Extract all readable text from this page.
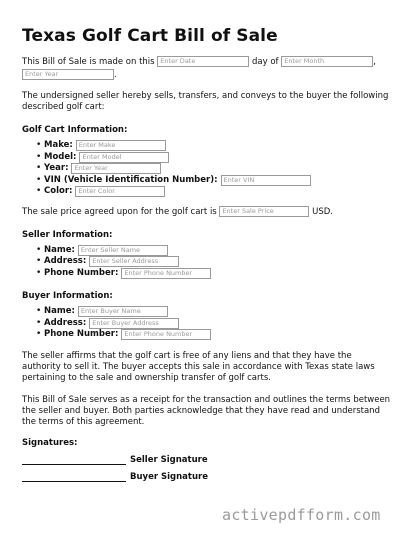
Texas Golf Cart Bill of Sale

This Bill of Sale is made on this Enter Date	day of Enter Month	,

Enter Year	.

The undersigned seller hereby sells, transfers, and conveys to the buyer the following described golf cart:

Golf Cart Information:
• Make: Enter Make
• Model: Enter Model
• Year: Enter Year
• VIN (Vehicle Identification Number): Enter VIN
• Color: Enter Color

The sale price agreed upon for the golf cart is Enter Sale Price	USD.

Seller Information:
• Name: Enter Seller Name
• Address: Enter Seller Address
• Phone Number: Enter Phone Number
Buyer Information:
• Name: Enter Buyer Name
• Address: Enter Buyer Address
• Phone Number: Enter Phone Number

The seller affirms that the golf cart is free of any liens and that they have the authority to sell it. The buyer accepts this sale in accordance with Texas state laws pertaining to the sale and ownership transfer of golf carts.

This Bill of Sale serves as a receipt for the transaction and outlines the terms between the seller and buyer. Both parties acknowledge that they have read and understand the terms of this agreement.

Signatures:
Seller Signature
Buyer Signature
activepdfform.com
